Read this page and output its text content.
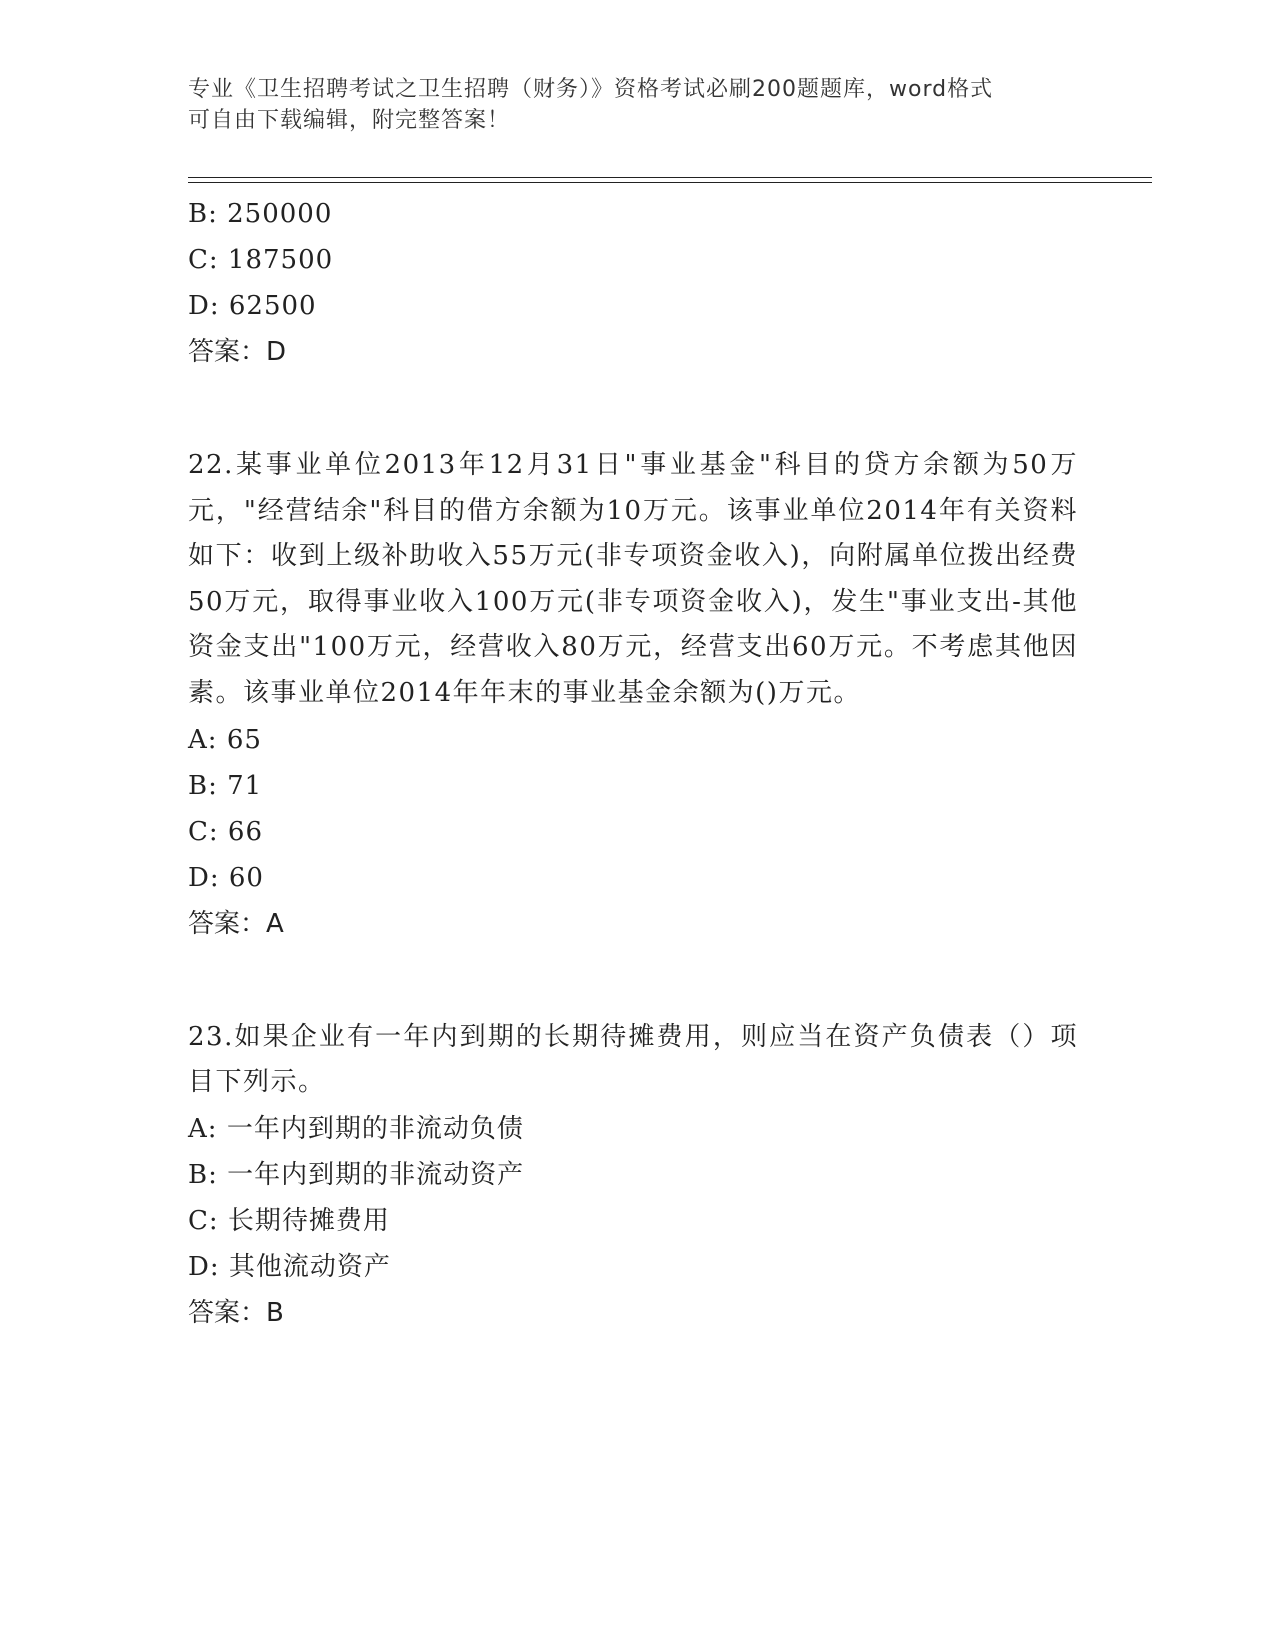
专业《卫生招聘考试之卫生招聘（财务）》资格考试必刷200题题库，word格式
可自由下载编辑，附完整答案！
B: 250000
C: 187500
D: 62500
答案：D
22.某事业单位2013年12月31日"事业基金"科目的贷方余额为50万元，"经营结余"科目的借方余额为10万元。该事业单位2014年有关资料如下：收到上级补助收入55万元(非专项资金收入)，向附属单位拨出经费50万元，取得事业收入100万元(非专项资金收入)，发生"事业支出-其他资金支出"100万元，经营收入80万元，经营支出60万元。不考虑其他因素。该事业单位2014年年末的事业基金余额为()万元。
A: 65
B: 71
C: 66
D: 60
答案：A
23.如果企业有一年内到期的长期待摊费用，则应当在资产负债表（）项目下列示。
A: 一年内到期的非流动负债
B: 一年内到期的非流动资产
C: 长期待摊费用
D: 其他流动资产
答案：B
